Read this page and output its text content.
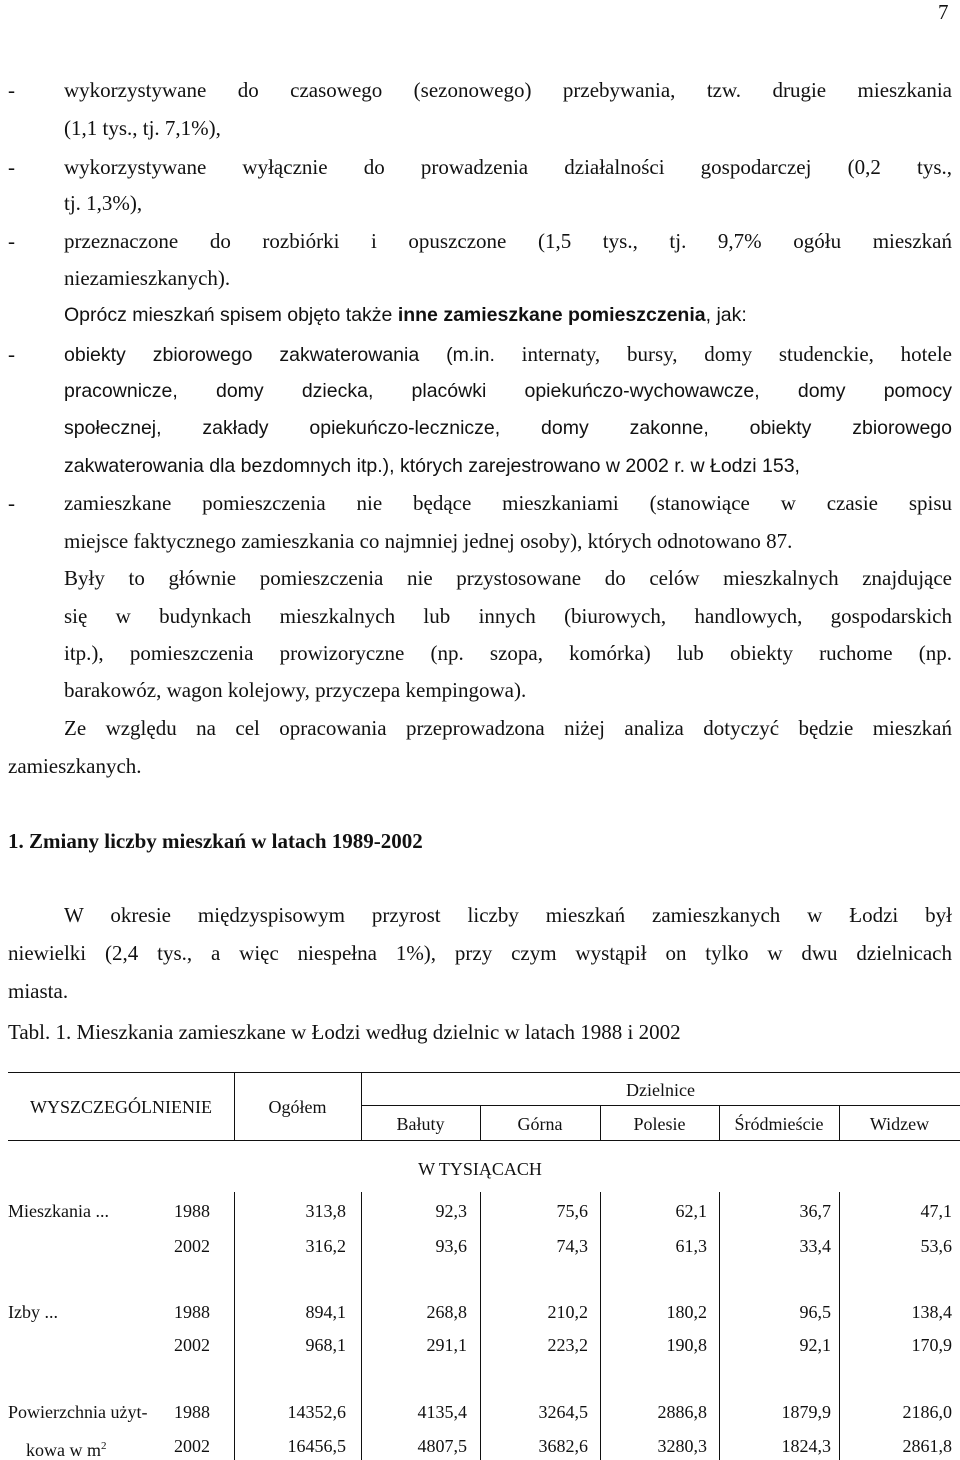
7
- wykorzystywane do czasowego (sezonowego) przebywania, tzw. drugie mieszkania
(1,1 tys., tj. 7,1%),
- wykorzystywane wyłącznie do prowadzenia działalności gospodarczej (0,2 tys.,
tj. 1,3%),
- przeznaczone do rozbiórki i opuszczone (1,5 tys., tj. 9,7% ogółu mieszkań
niezamieszkanych).
Oprócz mieszkań spisem objęto także inne zamieszkane pomieszczenia, jak:
-	obiekty zbiorowego zakwaterowania (m.in. internaty, bursy, domy studenckie, hotele
pracownicze, domy dziecka, placówki opiekuńczo-wychowawcze, domy pomocy
społecznej, zakłady opiekuńczo-lecznicze, domy zakonne, obiekty zbiorowego
zakwaterowania dla bezdomnych itp.), których zarejestrowano w 2002 r. w Łodzi 153,
- zamieszkane pomieszczenia nie będące mieszkaniami (stanowiące w czasie spisu
miejsce faktycznego zamieszkania co najmniej jednej osoby), których odnotowano 87.
Były to głównie pomieszczenia nie przystosowane do celów mieszkalnych znajdujące
się w budynkach mieszkalnych lub innych (biurowych, handlowych, gospodarskich
itp.), pomieszczenia prowizoryczne (np. szopa, komórka) lub obiekty ruchome (np.
barakowóz, wagon kolejowy, przyczepa kempingowa).
Ze względu na cel opracowania przeprowadzona niżej analiza dotyczyć będzie mieszkań
zamieszkanych.
1. Zmiany liczby mieszkań w latach 1989-2002
W okresie międzyspisowym przyrost liczby mieszkań zamieszkanych w Łodzi był
niewielki (2,4 tys., a więc niespełna 1%), przy czym wystąpił on tylko w dwu dzielnicach
miasta.
Tabl. 1. Mieszkania zamieszkane w Łodzi według dzielnic w latach 1988 i 2002
WYSZCZEGÓLNIENIE	Ogółem
Dzielnice
Bałuty	Górna	Polesie	Śródmieście	Widzew
W TYSIĄCACH
Mieszkania ...	1988	313,8	92,3	75,6	62,1	36,7	47,1
2002	316,2	93,6	74,3	61,3	33,4	53,6
Izby ...	1988	894,1	268,8	210,2	180,2	96,5	138,4
2002	968,1	291,1	223,2	190,8	92,1	170,9
Powierzchnia użyt- 1988	14352,6	4135,4	3264,5	2886,8	1879,9	2186,0
kowa w $m^2$	2002	16456,5	4807,5	3682,6	3280,3	1824,3	2861,8
